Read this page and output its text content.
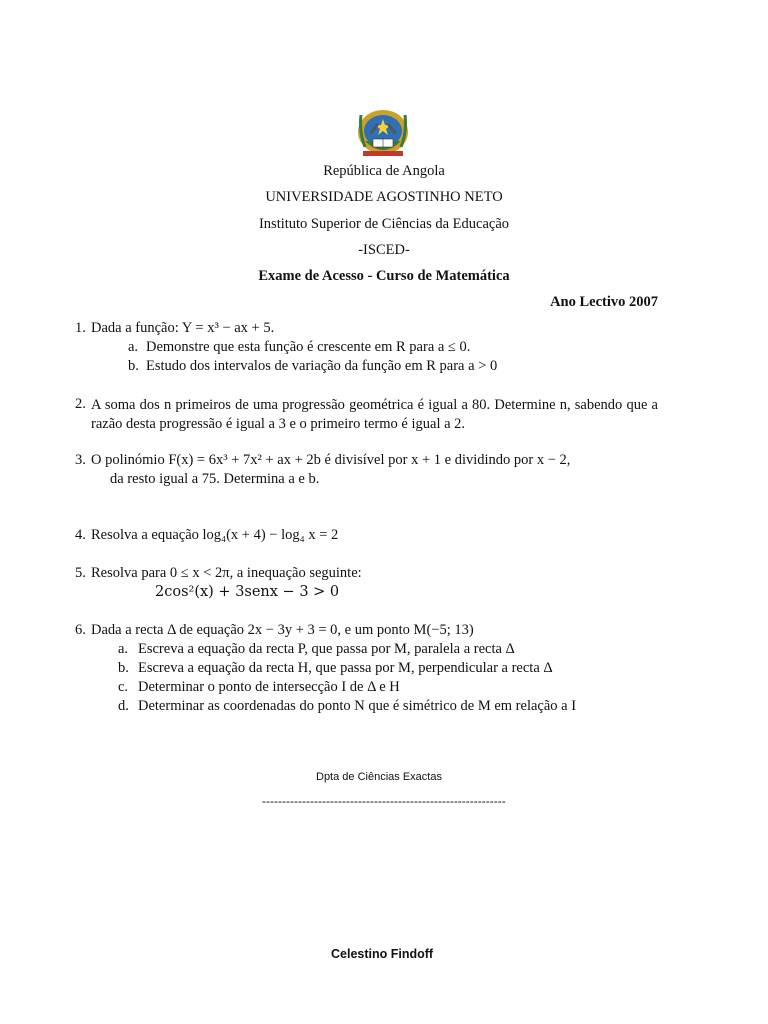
República de Angola
UNIVERSIDADE AGOSTINHO NETO
Instituto Superior de Ciências da Educação
-ISCED-
Exame de Acesso - Curso de Matemática
Ano Lectivo 2007
1. Dada a função: Y = x³ − ax + 5.
a. Demonstre que esta função é crescente em R para a ≤ 0.
b. Estudo dos intervalos de variação da função em R para a > 0
2. A soma dos n primeiros de uma progressão geométrica é igual a 80. Determine n, sabendo que a razão desta progressão é igual a 3 e o primeiro termo é igual a 2.
3. O polinómio F(x) = 6x³ + 7x² + ax + 2b é divisível por x + 1 e dividindo por x − 2,
da resto igual a 75. Determina a e b.
4. Resolva a equação log₄(x + 4) − log₄ x = 2
5. Resolva para 0 ≤ x < 2π, a inequação seguinte:
2cos²(x) + 3senx − 3 > 0
6. Dada a recta Δ de equação 2x − 3y + 3 = 0, e um ponto M(−5; 13)
a. Escreva a equação da recta P, que passa por M, paralela a recta Δ
b. Escreva a equação da recta H, que passa por M, perpendicular a recta Δ
c. Determinar o ponto de intersecção I de Δ e H
d. Determinar as coordenadas do ponto N que é simétrico de M em relação a I
Dpta de Ciências Exactas
-------------------------------------------------------------
Celestino Findoff
